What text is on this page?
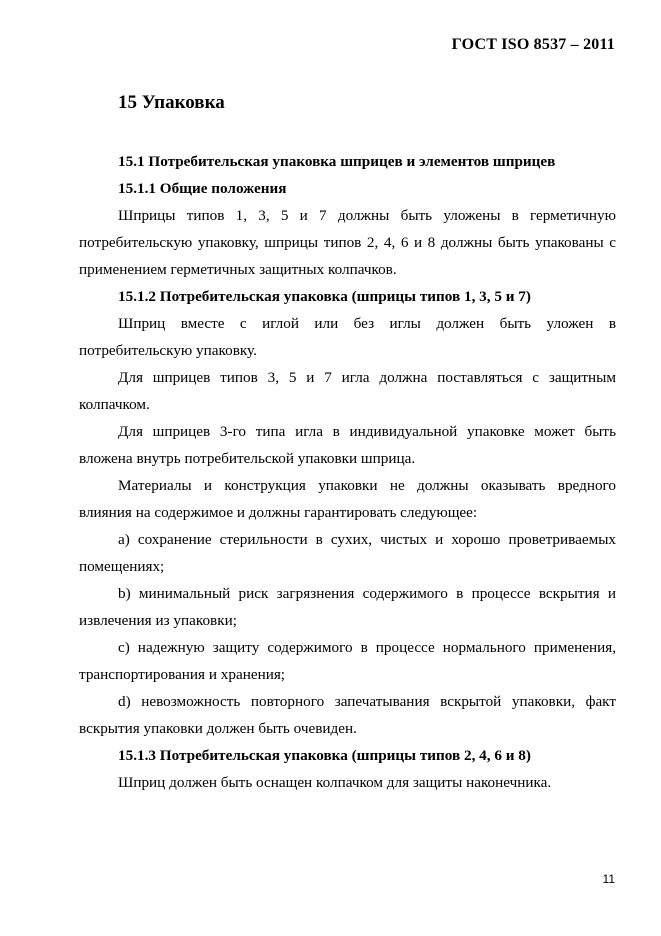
ГОСТ ISO 8537 – 2011
15 Упаковка
15.1 Потребительская упаковка шприцев и элементов шприцев
15.1.1 Общие положения
Шприцы типов 1, 3, 5 и 7 должны быть уложены в герметичную
потребительскую упаковку, шприцы типов 2, 4, 6 и 8 должны быть упакованы с
применением герметичных защитных колпачков.
15.1.2 Потребительская упаковка (шприцы типов 1, 3, 5 и 7)
Шприц вместе с иглой или без иглы должен быть уложен в
потребительскую упаковку.
Для шприцев типов 3, 5 и 7 игла должна поставляться с защитным
колпачком.
Для шприцев 3-го типа игла в индивидуальной упаковке может быть
вложена внутрь потребительской упаковки шприца.
Материалы и конструкция упаковки не должны оказывать вредного
влияния на содержимое и должны гарантировать следующее:
a) сохранение стерильности в сухих, чистых и хорошо проветриваемых
помещениях;
b) минимальный риск загрязнения содержимого в процессе вскрытия и
извлечения из упаковки;
c) надежную защиту содержимого в процессе нормального применения,
транспортирования и хранения;
d) невозможность повторного запечатывания вскрытой упаковки, факт
вскрытия упаковки должен быть очевиден.
15.1.3 Потребительская упаковка (шприцы типов 2, 4, 6 и 8)
Шприц должен быть оснащен колпачком для защиты наконечника.
11
